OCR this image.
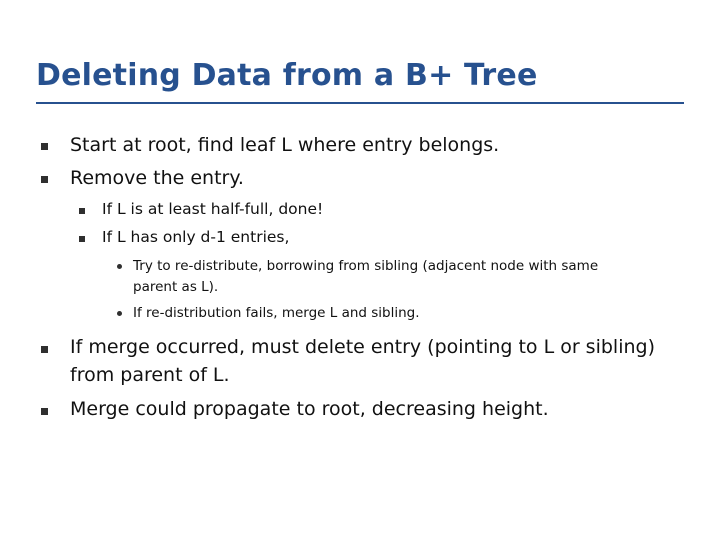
Deleting Data from a B+ Tree
Start at root, find leaf L where entry belongs.
Remove the entry.
If L is at least half-full, done!
If L has only d-1 entries,
Try to re-distribute, borrowing from sibling (adjacent node with same
parent as L).
If re-distribution fails, merge L and sibling.
If merge occurred, must delete entry (pointing to L or sibling)
from parent of L.
Merge could propagate to root, decreasing height.
